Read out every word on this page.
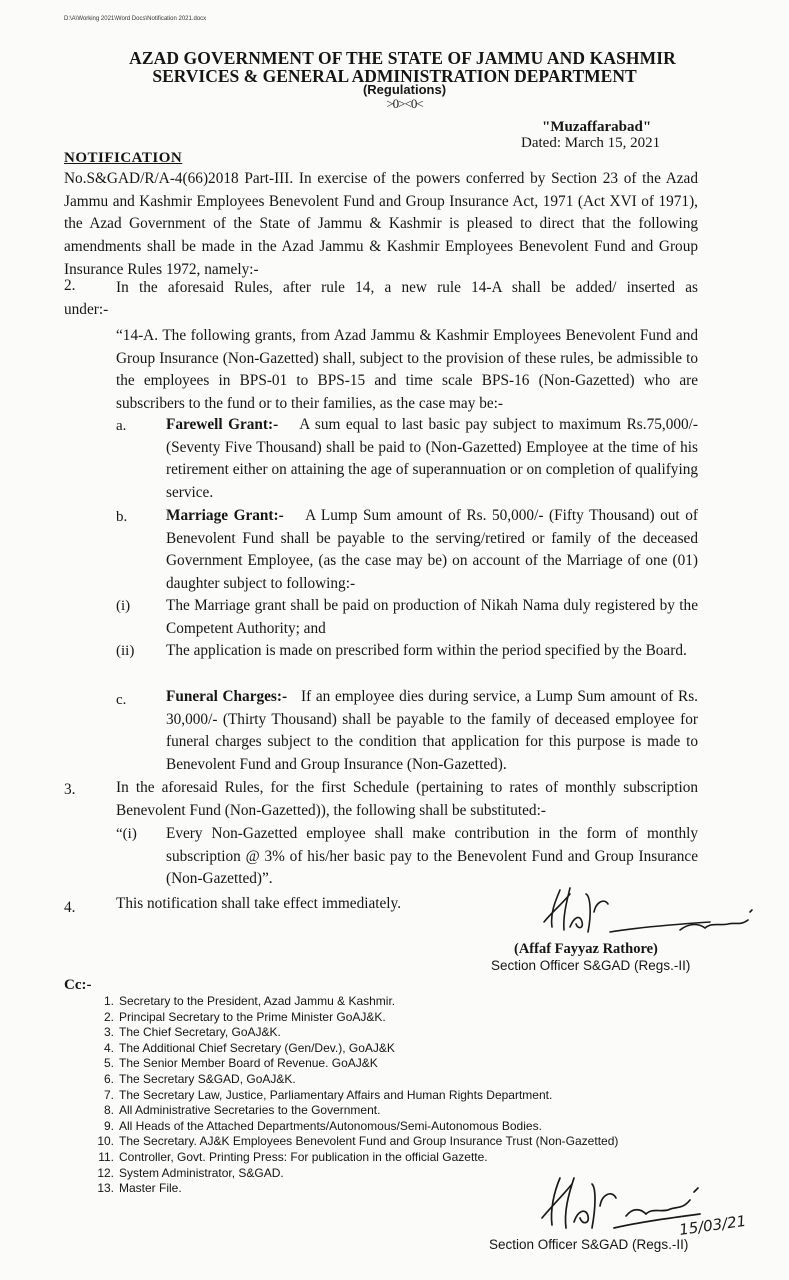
D:\A\Working 2021\Word Docs\Notification 2021.docx
AZAD GOVERNMENT OF THE STATE OF JAMMU AND KASHMIR
SERVICES & GENERAL ADMINISTRATION DEPARTMENT
(Regulations)
>0><0<
"Muzaffarabad"
Dated: March 15, 2021
NOTIFICATION
No.S&GAD/R/A-4(66)2018 Part-III. In exercise of the powers conferred by Section 23 of the Azad Jammu and Kashmir Employees Benevolent Fund and Group Insurance Act, 1971 (Act XVI of 1971), the Azad Government of the State of Jammu & Kashmir is pleased to direct that the following amendments shall be made in the Azad Jammu & Kashmir Employees Benevolent Fund and Group Insurance Rules 1972, namely:-
2.	In the aforesaid Rules, after rule 14, a new rule 14-A shall be added/ inserted as
under:-
“14-A. The following grants, from Azad Jammu & Kashmir Employees Benevolent Fund and Group Insurance (Non-Gazetted) shall, subject to the provision of these rules, be admissible to the employees in BPS-01 to BPS-15 and time scale BPS-16 (Non-Gazetted) who are subscribers to the fund or to their families, as the case may be:-
a.	Farewell Grant:- A sum equal to last basic pay subject to maximum Rs.75,000/- (Seventy Five Thousand) shall be paid to (Non-Gazetted) Employee at the time of his retirement either on attaining the age of superannuation or on completion of qualifying service.
b.	Marriage Grant:- A Lump Sum amount of Rs. 50,000/- (Fifty Thousand) out of Benevolent Fund shall be payable to the serving/retired or family of the deceased Government Employee, (as the case may be) on account of the Marriage of one (01) daughter subject to following:-
(i) The Marriage grant shall be paid on production of Nikah Nama duly registered by the Competent Authority; and
(ii) The application is made on prescribed form within the period specified by the Board.
c.	Funeral Charges:- If an employee dies during service, a Lump Sum amount of Rs. 30,000/- (Thirty Thousand) shall be payable to the family of deceased employee for funeral charges subject to the condition that application for this purpose is made to Benevolent Fund and Group Insurance (Non-Gazetted).
3.	In the aforesaid Rules, for the first Schedule (pertaining to rates of monthly subscription Benevolent Fund (Non-Gazetted)), the following shall be substituted:-
“(i) Every Non-Gazetted employee shall make contribution in the form of monthly subscription @ 3% of his/her basic pay to the Benevolent Fund and Group Insurance (Non-Gazetted)”.
4.	This notification shall take effect immediately.
(Affaf Fayyaz Rathore)
Section Officer S&GAD (Regs.-II)
Cc:-
1. Secretary to the President, Azad Jammu & Kashmir.
2. Principal Secretary to the Prime Minister GoAJ&K.
3. The Chief Secretary, GoAJ&K.
4. The Additional Chief Secretary (Gen/Dev.), GoAJ&K
5. The Senior Member Board of Revenue. GoAJ&K
6. The Secretary S&GAD, GoAJ&K.
7. The Secretary Law, Justice, Parliamentary Affairs and Human Rights Department.
8. All Administrative Secretaries to the Government.
9. All Heads of the Attached Departments/Autonomous/Semi-Autonomous Bodies.
10. The Secretary. AJ&K Employees Benevolent Fund and Group Insurance Trust (Non-Gazetted)
11. Controller, Govt. Printing Press: For publication in the official Gazette.
12. System Administrator, S&GAD.
13. Master File.
15/03/21
Section Officer S&GAD (Regs.-II)
